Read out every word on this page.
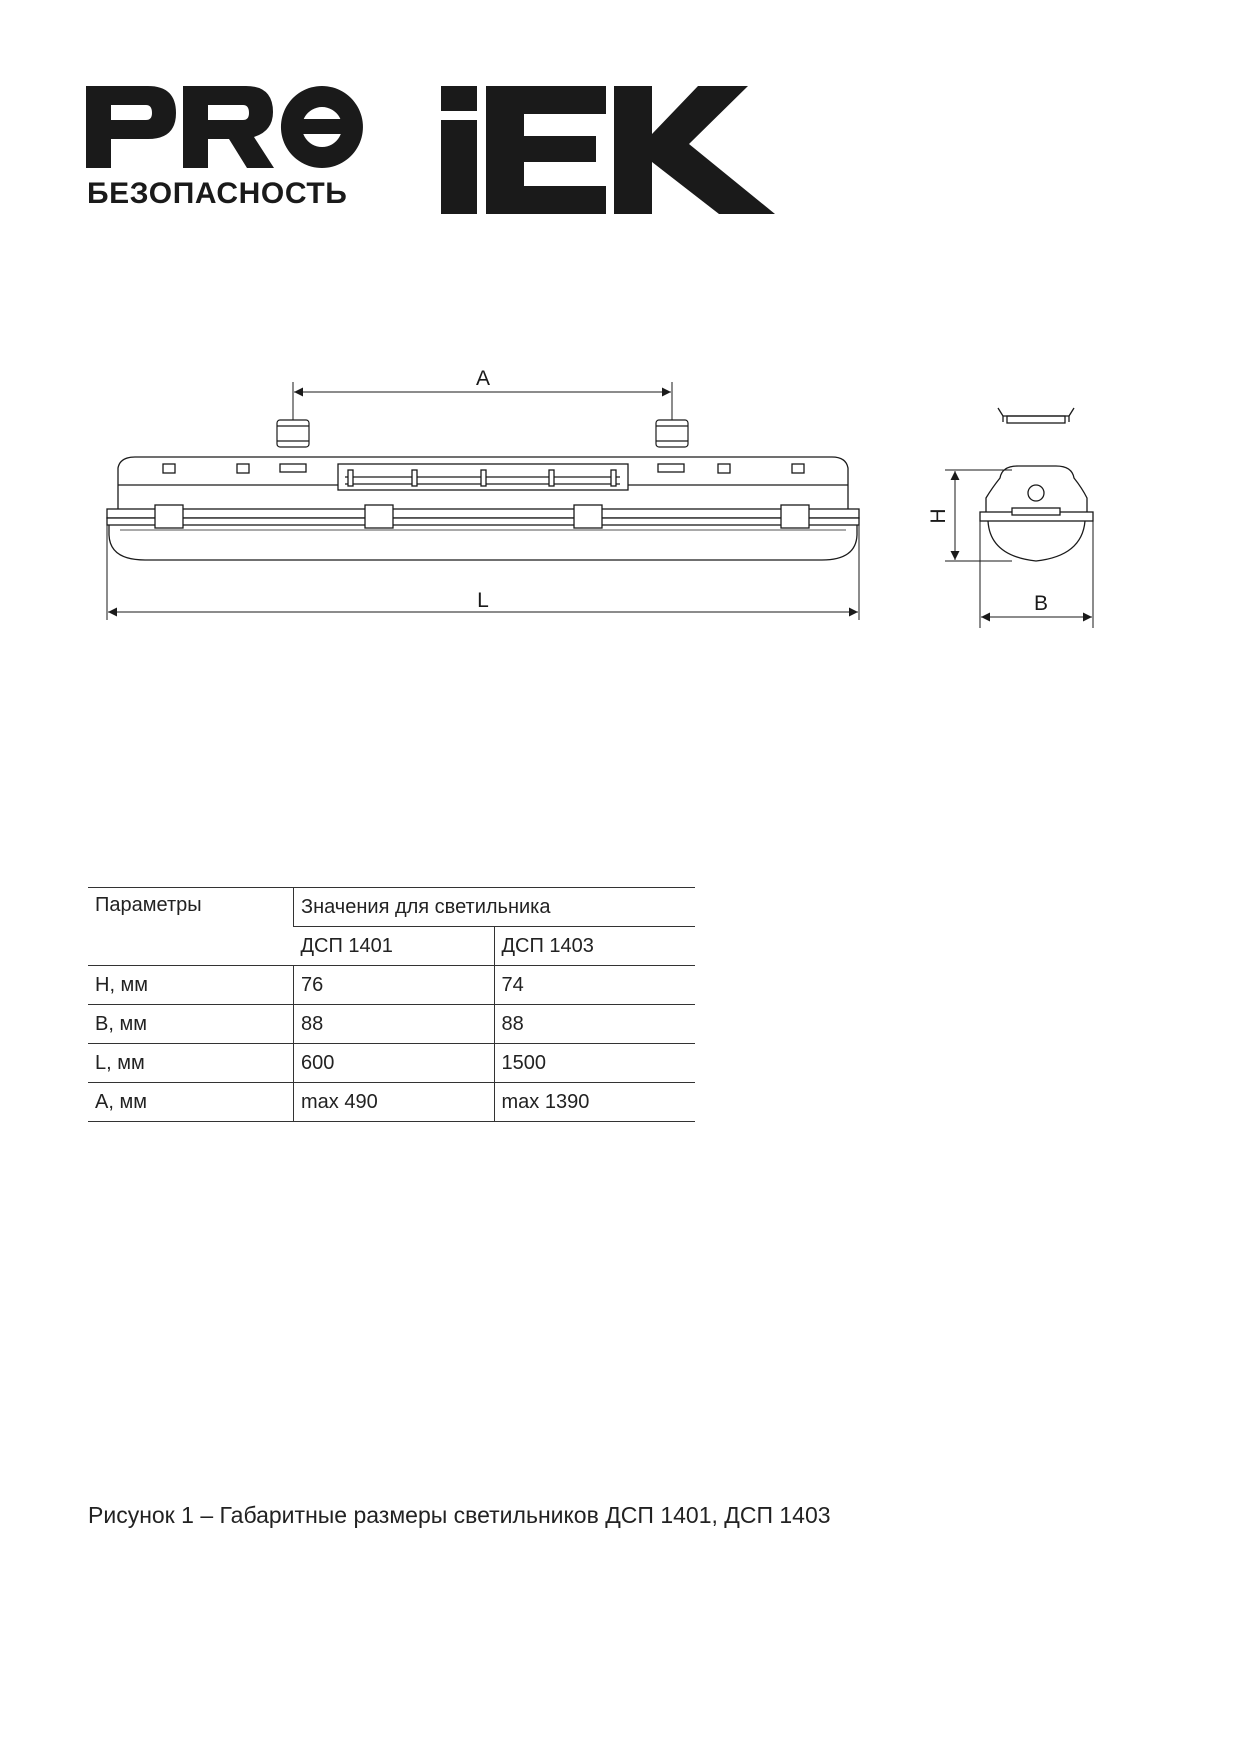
БЕЗОПАСНОСТЬ
A
L
H
B
Параметры	Значения для светильника	
	ДСП 1401	ДСП 1403
H, мм	76	74
B, мм	88	88
L, мм	600	1500
A, мм	max 490	max 1390

Рисунок 1 – Габаритные размеры светильников ДСП 1401, ДСП 1403
